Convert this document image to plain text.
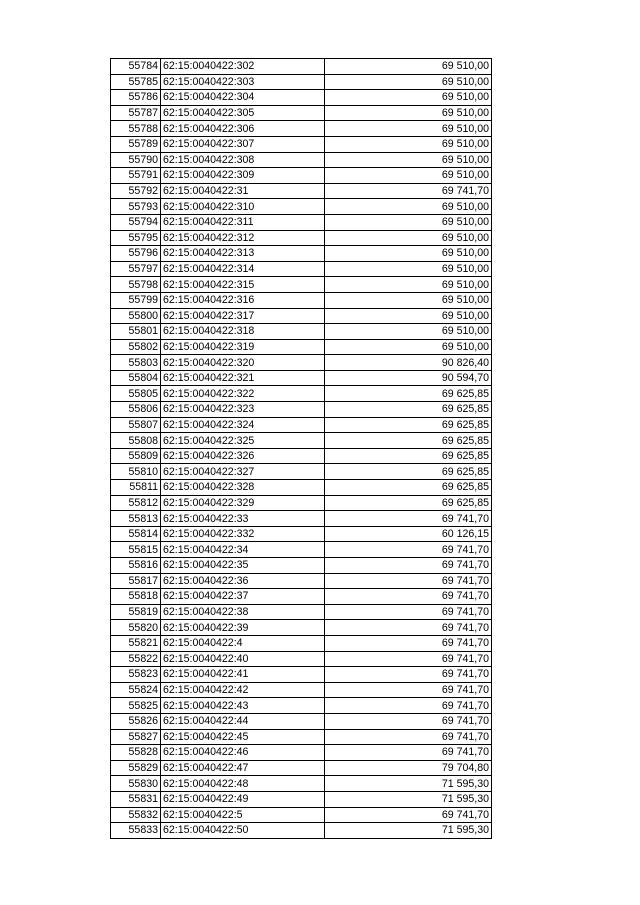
55784	62:15:0040422:302	69 510,00
55785	62:15:0040422:303	69 510,00
55786	62:15:0040422:304	69 510,00
55787	62:15:0040422:305	69 510,00
55788	62:15:0040422:306	69 510,00
55789	62:15:0040422:307	69 510,00
55790	62:15:0040422:308	69 510,00
55791	62:15:0040422:309	69 510,00
55792	62:15:0040422:31	69 741,70
55793	62:15:0040422:310	69 510,00
55794	62:15:0040422:311	69 510,00
55795	62:15:0040422:312	69 510,00
55796	62:15:0040422:313	69 510,00
55797	62:15:0040422:314	69 510,00
55798	62:15:0040422:315	69 510,00
55799	62:15:0040422:316	69 510,00
55800	62:15:0040422:317	69 510,00
55801	62:15:0040422:318	69 510,00
55802	62:15:0040422:319	69 510,00
55803	62:15:0040422:320	90 826,40
55804	62:15:0040422:321	90 594,70
55805	62:15:0040422:322	69 625,85
55806	62:15:0040422:323	69 625,85
55807	62:15:0040422:324	69 625,85
55808	62:15:0040422:325	69 625,85
55809	62:15:0040422:326	69 625,85
55810	62:15:0040422:327	69 625,85
55811	62:15:0040422:328	69 625,85
55812	62:15:0040422:329	69 625,85
55813	62:15:0040422:33	69 741,70
55814	62:15:0040422:332	60 126,15
55815	62:15:0040422:34	69 741,70
55816	62:15:0040422:35	69 741,70
55817	62:15:0040422:36	69 741,70
55818	62:15:0040422:37	69 741,70
55819	62:15:0040422:38	69 741,70
55820	62:15:0040422:39	69 741,70
55821	62:15:0040422:4	69 741,70
55822	62:15:0040422:40	69 741,70
55823	62:15:0040422:41	69 741,70
55824	62:15:0040422:42	69 741,70
55825	62:15:0040422:43	69 741,70
55826	62:15:0040422:44	69 741,70
55827	62:15:0040422:45	69 741,70
55828	62:15:0040422:46	69 741,70
55829	62:15:0040422:47	79 704,80
55830	62:15:0040422:48	71 595,30
55831	62:15:0040422:49	71 595,30
55832	62:15:0040422:5	69 741,70
55833	62:15:0040422:50	71 595,30
